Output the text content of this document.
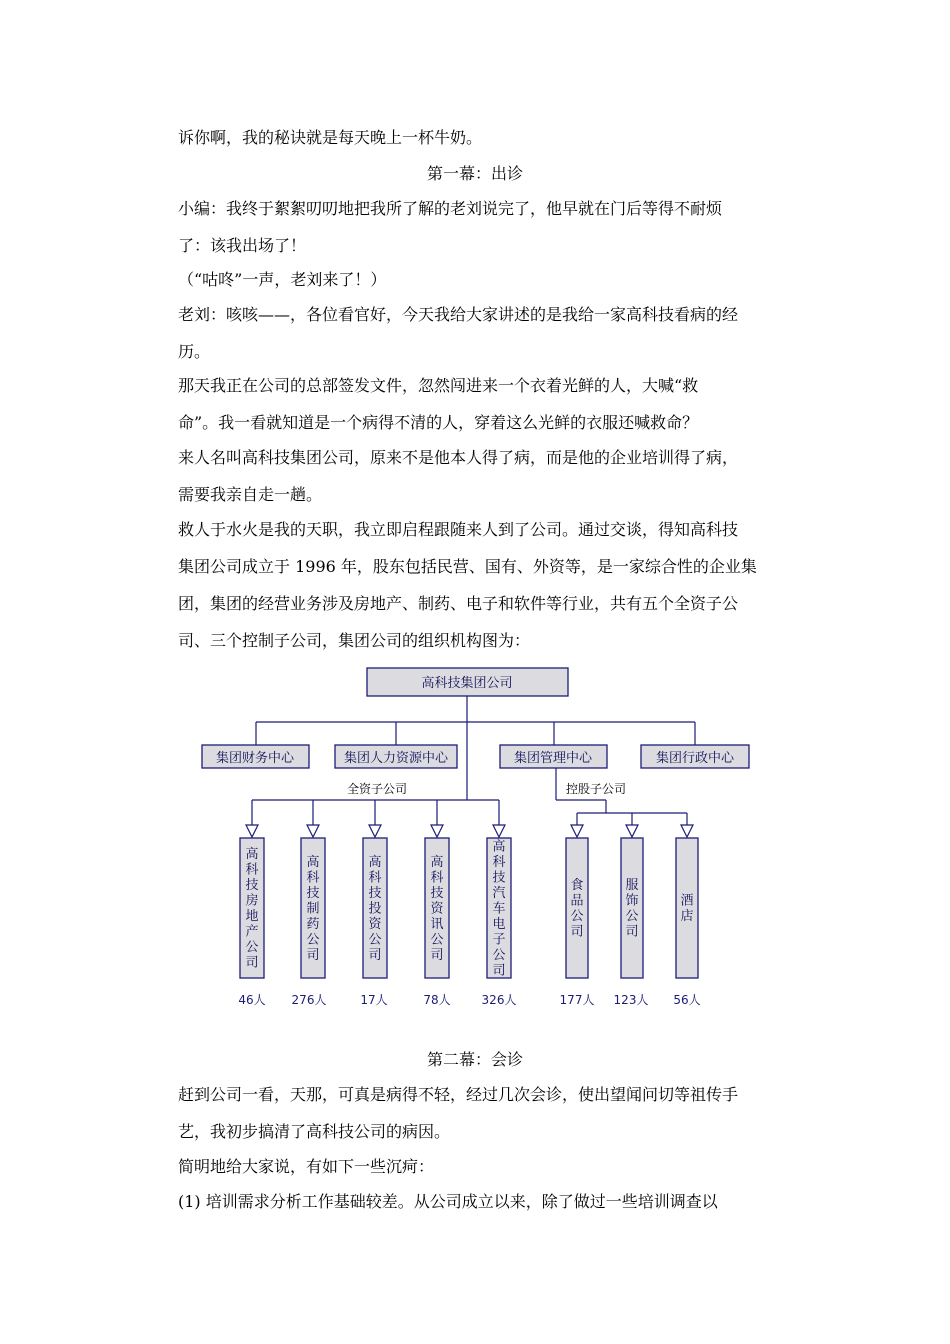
诉你啊，我的秘诀就是每天晚上一杯牛奶。
第一幕：出诊
小编：我终于絮絮叨叨地把我所了解的老刘说完了，他早就在门后等得不耐烦
了：该我出场了！
（“咕咚”一声，老刘来了！）
老刘：咳咳——，各位看官好，今天我给大家讲述的是我给一家高科技看病的经
历。
那天我正在公司的总部签发文件，忽然闯进来一个衣着光鲜的人，大喊“救
命”。我一看就知道是一个病得不清的人，穿着这么光鲜的衣服还喊救命？
来人名叫高科技集团公司，原来不是他本人得了病，而是他的企业培训得了病，
需要我亲自走一趟。
救人于水火是我的天职，我立即启程跟随来人到了公司。通过交谈，得知高科技
集团公司成立于 1996 年，股东包括民营、国有、外资等，是一家综合性的企业集
团，集团的经营业务涉及房地产、制药、电子和软件等行业，共有五个全资子公
司、三个控制子公司，集团公司的组织机构图为：
高科技集团公司
集团财务中心	集团人力资源中心	集团管理中心	集团行政中心
全资子公司	控股子公司
高
科
技
房
地
产
公
司
高
科
技
制
药
公
司
高
科
技
投
资
公
司
高
科
技
资
讯
公
司
高
科
技
汽
车
电
子
公
司
食
品
公
司
服
饰
公
司
酒
店
46人 276人	17人	78人	326人	177人 123人 56人
第二幕：会诊
赶到公司一看，天那，可真是病得不轻，经过几次会诊，使出望闻问切等祖传手
艺，我初步搞清了高科技公司的病因。
简明地给大家说，有如下一些沉疴：
(1) 培训需求分析工作基础较差。从公司成立以来，除了做过一些培训调查以
